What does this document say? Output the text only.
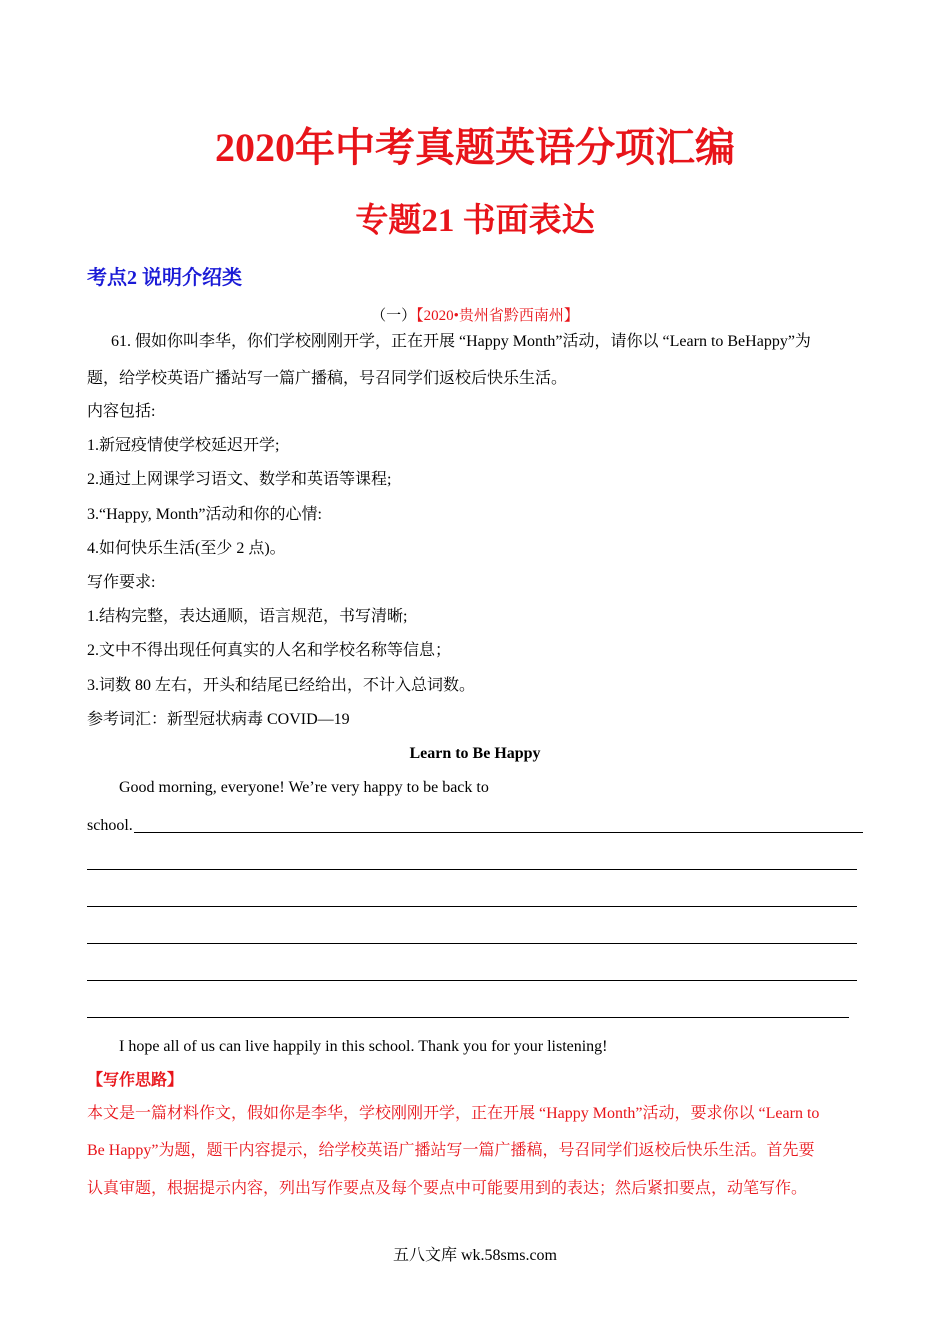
2020年中考真题英语分项汇编
专题21 书面表达
考点2 说明介绍类
（一）【2020•贵州省黔西南州】
61. 假如你叫李华，你们学校刚刚开学，正在开展 “Happy Month”活动，请你以 “Learn to BeHappy”为
题，给学校英语广播站写一篇广播稿，号召同学们返校后快乐生活。
内容包括:
1.新冠疫情使学校延迟开学;
2.通过上网课学习语文、数学和英语等课程;
3.“Happy, Month”活动和你的心情:
4.如何快乐生活(至少 2 点)。
写作要求:
1.结构完整，表达通顺，语言规范，书写清晰;
2.文中不得出现任何真实的人名和学校名称等信息；
3.词数 80 左右，开头和结尾已经给出，不计入总词数。
参考词汇：新型冠状病毒 COVID—19
Learn to Be Happy
Good morning, everyone! We’re very happy to be back to
school.
I hope all of us can live happily in this school. Thank you for your listening!
【写作思路】
本文是一篇材料作文，假如你是李华，学校刚刚开学，正在开展 “Happy Month”活动，要求你以 “Learn to
Be Happy”为题，题干内容提示，给学校英语广播站写一篇广播稿，号召同学们返校后快乐生活。首先要
认真审题，根据提示内容，列出写作要点及每个要点中可能要用到的表达；然后紧扣要点，动笔写作。
五八文库 wk.58sms.com
